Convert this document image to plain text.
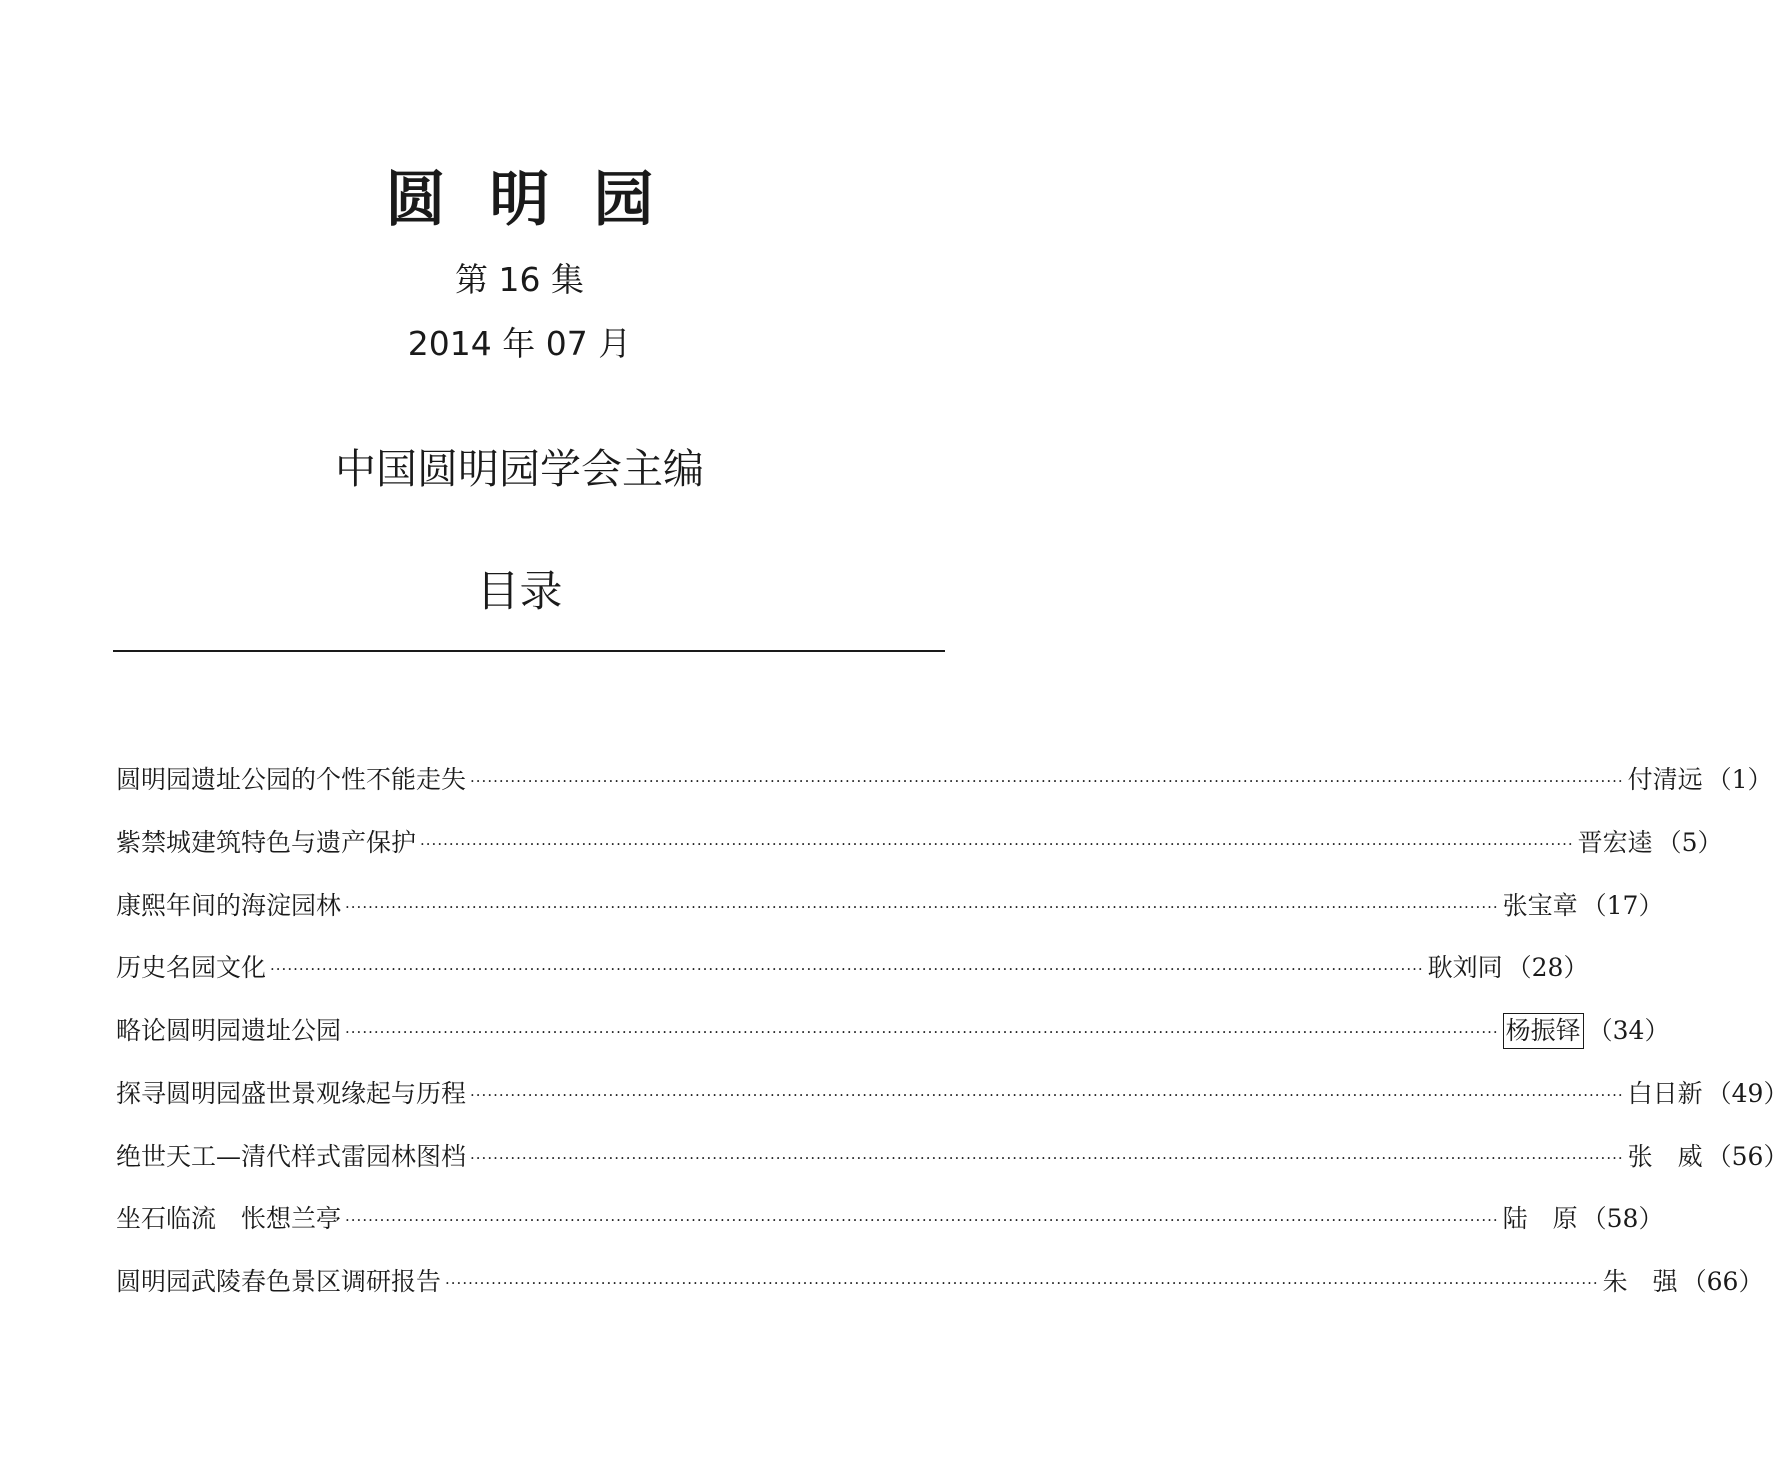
圆明园
第 16 集
2014 年 07 月
中国圆明园学会主编
目录
圆明园遗址公园的个性不能走失 ········································································································································································································ 付清远 （1）
紫禁城建筑特色与遗产保护 ········································································································································································································ 晋宏逵 （5）
康熙年间的海淀园林 ········································································································································································································ 张宝章 （17）
历史名园文化 ········································································································································································································ 耿刘同 （28）
略论圆明园遗址公园 ········································································································································································································ 杨振铎 （34）
探寻圆明园盛世景观缘起与历程 ········································································································································································································ 白日新 （49）
绝世天工—清代样式雷园林图档 ········································································································································································································ 张　威 （56）
坐石临流　怅想兰亭 ········································································································································································································ 陆　原 （58）
圆明园武陵春色景区调研报告 ········································································································································································································ 朱　强 （66）
